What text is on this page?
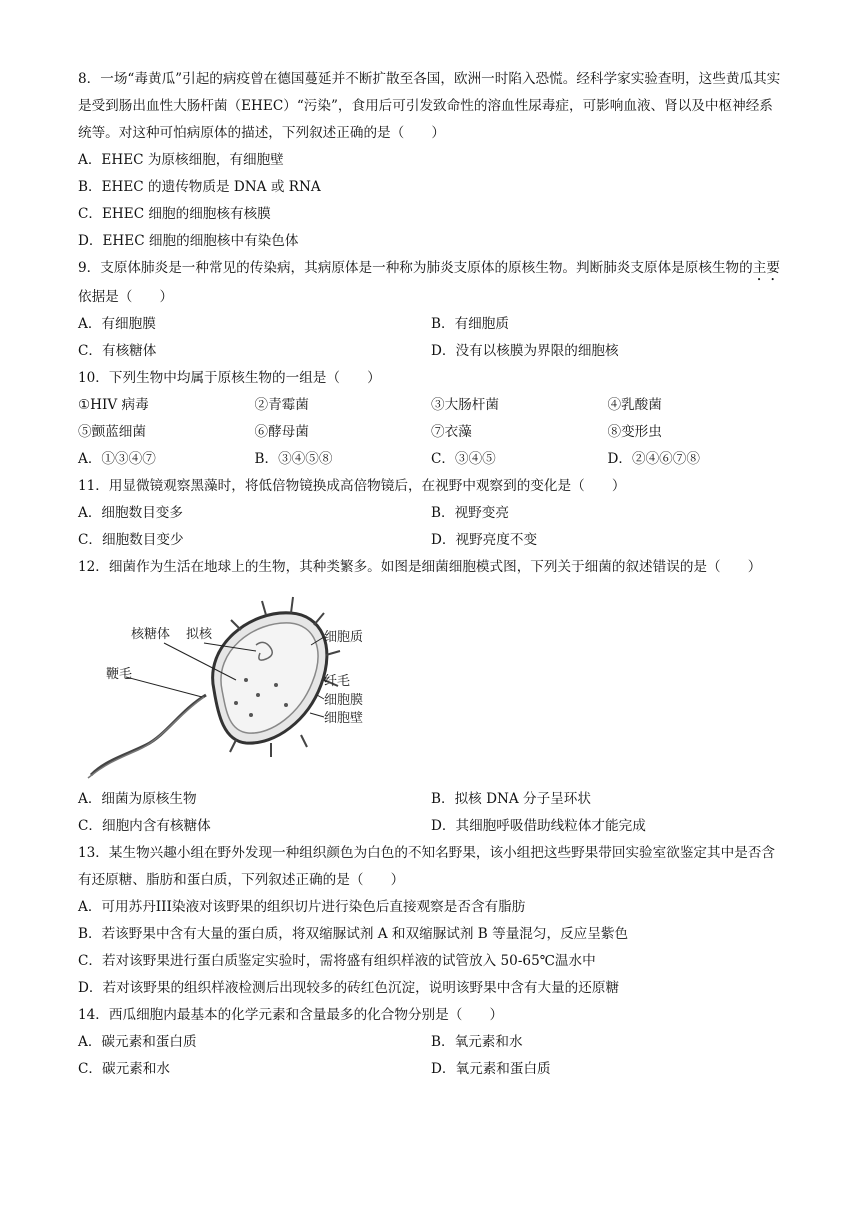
8．一场“毒黄瓜”引起的病疫曾在德国蔓延并不断扩散至各国，欧洲一时陷入恐慌。经科学家实验查明，这些黄瓜其实是受到肠出血性大肠杆菌（EHEC）“污染”，食用后可引发致命性的溶血性尿毒症，可影响血液、肾以及中枢神经系统等。对这种可怕病原体的描述，下列叙述正确的是（　　）

A．EHEC 为原核细胞，有细胞壁
B．EHEC 的遗传物质是 DNA 或 RNA
C．EHEC 细胞的细胞核有核膜
D．EHEC 细胞的细胞核中有染色体

9．支原体肺炎是一种常见的传染病，其病原体是一种称为肺炎支原体的原核生物。判断肺炎支原体是原核生物的主要依据是（　　）

A．有细胞膜	B．有细胞质
C．有核糖体	D．没有以核膜为界限的细胞核

10．下列生物中均属于原核生物的一组是（　　）

①HIV 病毒	②青霉菌	③大肠杆菌	④乳酸菌
⑤颤蓝细菌	⑥酵母菌	⑦衣藻	⑧变形虫
A．①③④⑦	B．③④⑤⑧	C．③④⑤	D．②④⑥⑦⑧

11．用显微镜观察黑藻时，将低倍物镜换成高倍物镜后，在视野中观察到的变化是（　　）

A．细胞数目变多	B．视野变亮
C．细胞数目变少	D．视野亮度不变

12．细菌作为生活在地球上的生物，其种类繁多。如图是细菌细胞模式图，下列关于细菌的叙述错误的是（　　）

核糖体 拟核
鞭毛
细胞质
纤毛
细胞膜
细胞壁
A．细菌为原核生物	B．拟核 DNA 分子呈环状
C．细胞内含有核糖体	D．其细胞呼吸借助线粒体才能完成

13．某生物兴趣小组在野外发现一种组织颜色为白色的不知名野果，该小组把这些野果带回实验室欲鉴定其中是否含有还原糖、脂肪和蛋白质，下列叙述正确的是（　　）

A．可用苏丹III染液对该野果的组织切片进行染色后直接观察是否含有脂肪
B．若该野果中含有大量的蛋白质，将双缩脲试剂 A 和双缩脲试剂 B 等量混匀，反应呈紫色
C．若对该野果进行蛋白质鉴定实验时，需将盛有组织样液的试管放入 50-65℃温水中
D．若对该野果的组织样液检测后出现较多的砖红色沉淀，说明该野果中含有大量的还原糖

14．西瓜细胞内最基本的化学元素和含量最多的化合物分别是（　　）

A．碳元素和蛋白质	B．氧元素和水
C．碳元素和水	D．氧元素和蛋白质
